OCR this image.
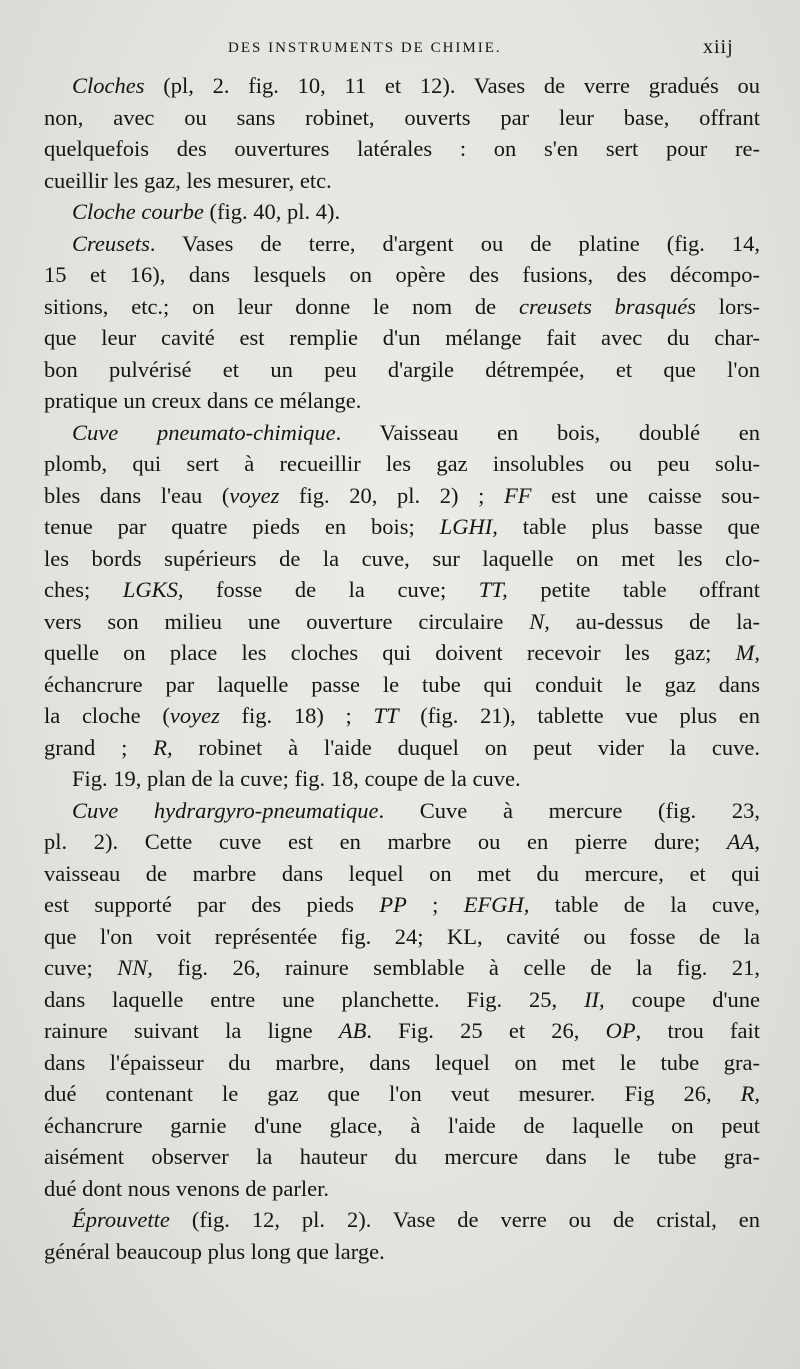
DES INSTRUMENTS DE CHIMIE.	xiij
Cloches (pl, 2. fig. 10, 11 et 12). Vases de verre gradués ou
non, avec ou sans robinet, ouverts par leur base, offrant
quelquefois des ouvertures latérales : on s'en sert pour re-
cueillir les gaz, les mesurer, etc.
Cloche courbe (fig. 40, pl. 4).
Creusets. Vases de terre, d'argent ou de platine (fig. 14,
15 et 16), dans lesquels on opère des fusions, des décompo-
sitions, etc.; on leur donne le nom de creusets brasqués lors-
que leur cavité est remplie d'un mélange fait avec du char-
bon pulvérisé et un peu d'argile détrempée, et que l'on
pratique un creux dans ce mélange.
Cuve pneumato-chimique. Vaisseau en bois, doublé en
plomb, qui sert à recueillir les gaz insolubles ou peu solu-
bles dans l'eau (voyez fig. 20, pl. 2) ; FF est une caisse sou-
tenue par quatre pieds en bois; LGHI, table plus basse que
les bords supérieurs de la cuve, sur laquelle on met les clo-
ches; LGKS, fosse de la cuve; TT, petite table offrant
vers son milieu une ouverture circulaire N, au-dessus de la-
quelle on place les cloches qui doivent recevoir les gaz; M,
échancrure par laquelle passe le tube qui conduit le gaz dans
la cloche (voyez fig. 18) ; TT (fig. 21), tablette vue plus en
grand ; R, robinet à l'aide duquel on peut vider la cuve.
Fig. 19, plan de la cuve; fig. 18, coupe de la cuve.
Cuve hydrargyro-pneumatique. Cuve à mercure (fig. 23,
pl. 2). Cette cuve est en marbre ou en pierre dure; AA,
vaisseau de marbre dans lequel on met du mercure, et qui
est supporté par des pieds PP ; EFGH, table de la cuve,
que l'on voit représentée fig. 24; KL, cavité ou fosse de la
cuve; NN, fig. 26, rainure semblable à celle de la fig. 21,
dans laquelle entre une planchette. Fig. 25, II, coupe d'une
rainure suivant la ligne AB. Fig. 25 et 26, OP, trou fait
dans l'épaisseur du marbre, dans lequel on met le tube gra-
dué contenant le gaz que l'on veut mesurer. Fig 26, R,
échancrure garnie d'une glace, à l'aide de laquelle on peut
aisément observer la hauteur du mercure dans le tube gra-
dué dont nous venons de parler.
Éprouvette (fig. 12, pl. 2). Vase de verre ou de cristal, en
général beaucoup plus long que large.
